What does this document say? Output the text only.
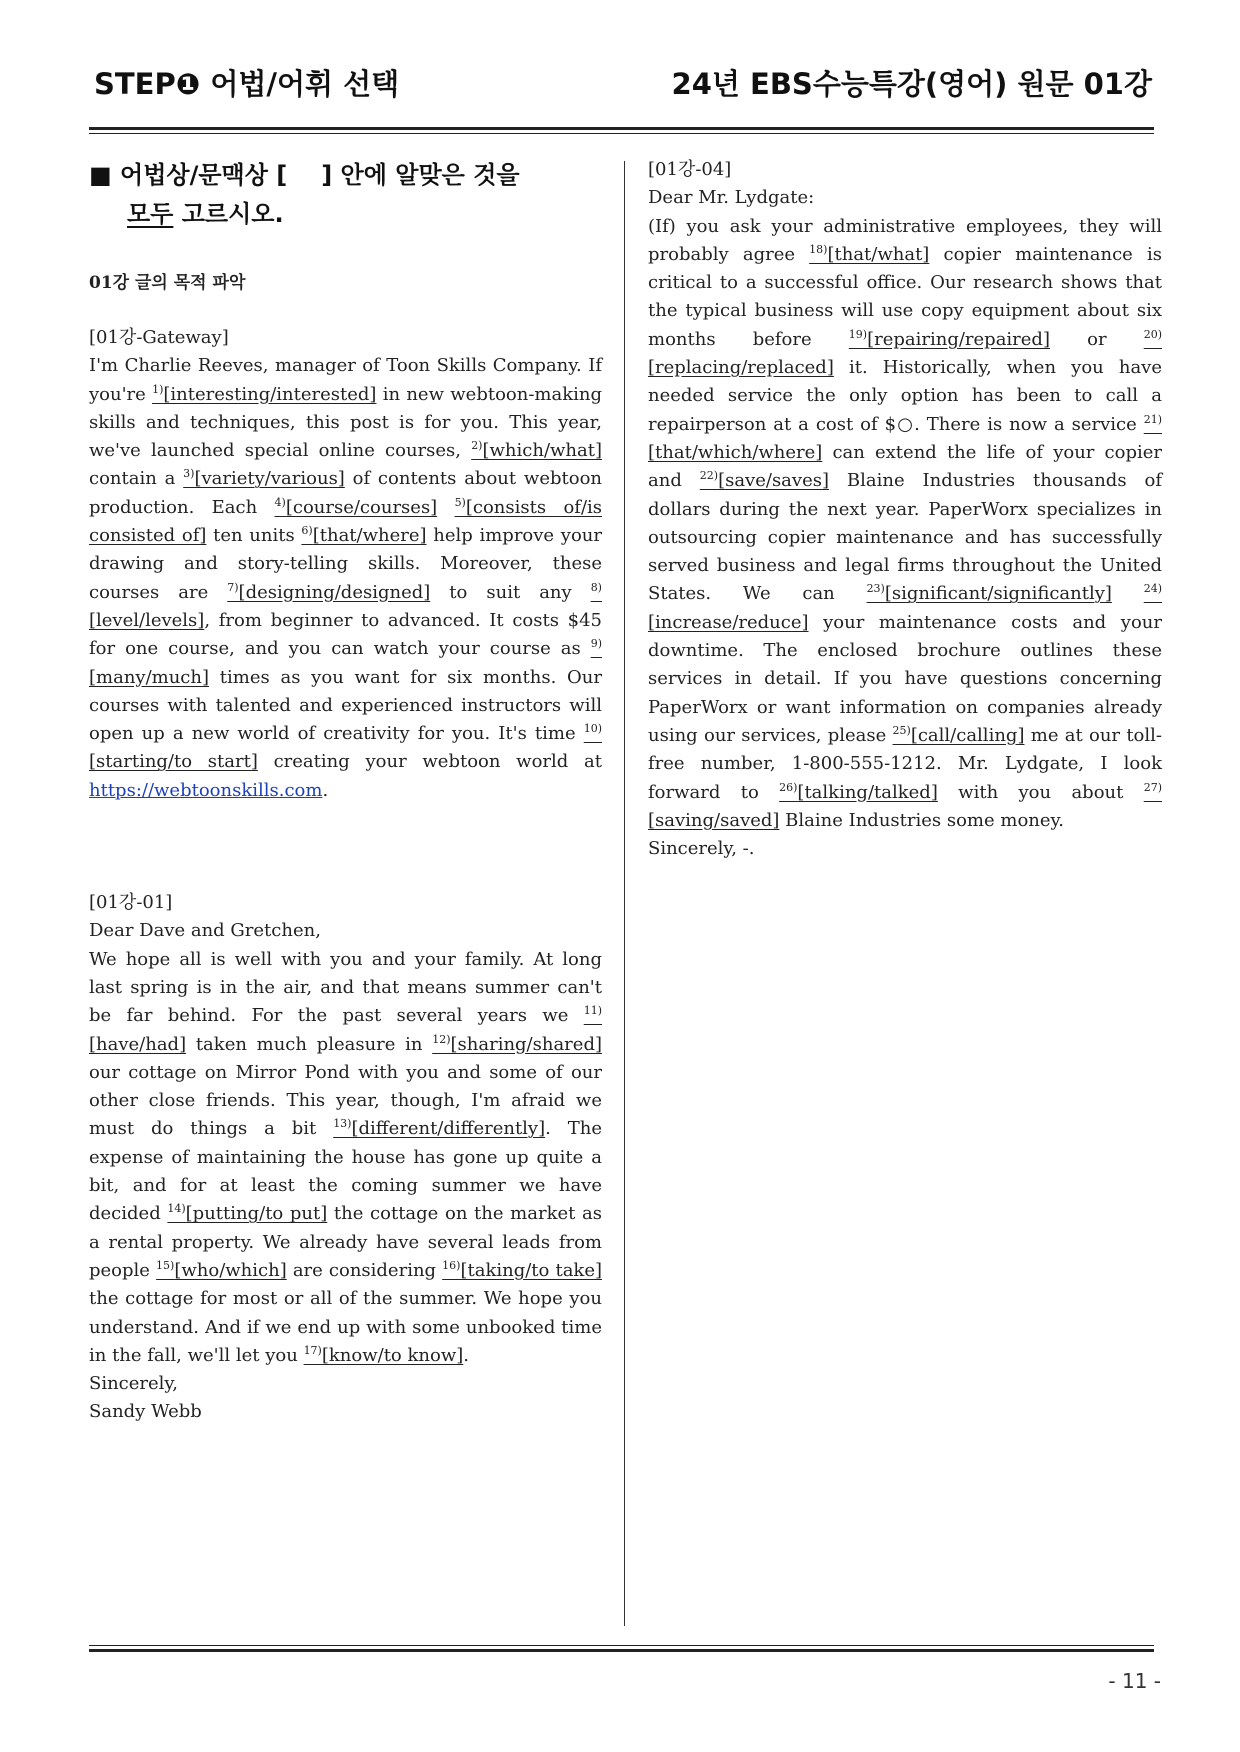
STEP❶ 어법/어휘 선택	24년 EBS수능특강(영어) 원문 01강
■ 어법상/문맥상 [ ] 안에 알맞은 것을
모두 고르시오.
01강 글의 목적 파악

[01강-Gateway]

I'm Charlie Reeves, manager of Toon Skills Company. If you're $^{1)}$[interesting/interested] in new webtoon-making skills and techniques, this post is for you. This year, we've launched special online courses, $^{2)}$[which/what] contain a $^{3)}$[variety/various] of contents about webtoon production. Each $^{4)}$[course/courses] $^{5)}$[consists of/is consisted of] ten units $^{6)}$[that/where] help improve your drawing and story-telling skills. Moreover, these courses are $^{7)}$[designing/designed] to suit any $^{8)}$[level/levels], from beginner to advanced. It costs $45 for one course, and you can watch your course as $^{9)}$[many/much] times as you want for six months. Our courses with talented and experienced instructors will open up a new world of creativity for you. It's time $^{10)}$[starting/to start] creating your webtoon world at https://webtoonskills.com.

[01강-01]

Dear Dave and Gretchen,

We hope all is well with you and your family. At long last spring is in the air, and that means summer can't be far behind. For the past several years we $^{11)}$[have/had] taken much pleasure in $^{12)}$[sharing/shared] our cottage on Mirror Pond with you and some of our other close friends. This year, though, I'm afraid we must do things a bit $^{13)}$[different/differently]. The expense of maintaining the house has gone up quite a bit, and for at least the coming summer we have decided $^{14)}$[putting/to put] the cottage on the market as a rental property. We already have several leads from people $^{15)}$[who/which] are considering $^{16)}$[taking/to take] the cottage for most or all of the summer. We hope you understand. And if we end up with some unbooked time in the fall, we'll let you $^{17)}$[know/to know].

Sincerely,

Sandy Webb

[01강-04]

Dear Mr. Lydgate:

(If) you ask your administrative employees, they will probably agree $^{18)}$[that/what] copier maintenance is critical to a successful office. Our research shows that the typical business will use copy equipment about six months before $^{19)}$[repairing/repaired] or $^{20)}$[replacing/replaced] it. Historically, when you have needed service the only option has been to call a repairperson at a cost of $○. There is now a service $^{21)}$[that/which/where] can extend the life of your copier and $^{22)}$[save/saves] Blaine Industries thousands of dollars during the next year. PaperWorx specializes in outsourcing copier maintenance and has successfully served business and legal firms throughout the United States. We can $^{23)}$[significant/significantly]	$^{24)}$[increase/reduce] your maintenance costs and your downtime. The enclosed brochure outlines these services in detail. If you have questions concerning PaperWorx or want information on companies already using our services, please $^{25)}$[call/calling] me at our toll-free number, 1-800-555-1212. Mr. Lydgate, I look forward to $^{26)}$[talking/talked] with you about $^{27)}$[saving/saved] Blaine Industries some money.

Sincerely, -.

- 11 -
